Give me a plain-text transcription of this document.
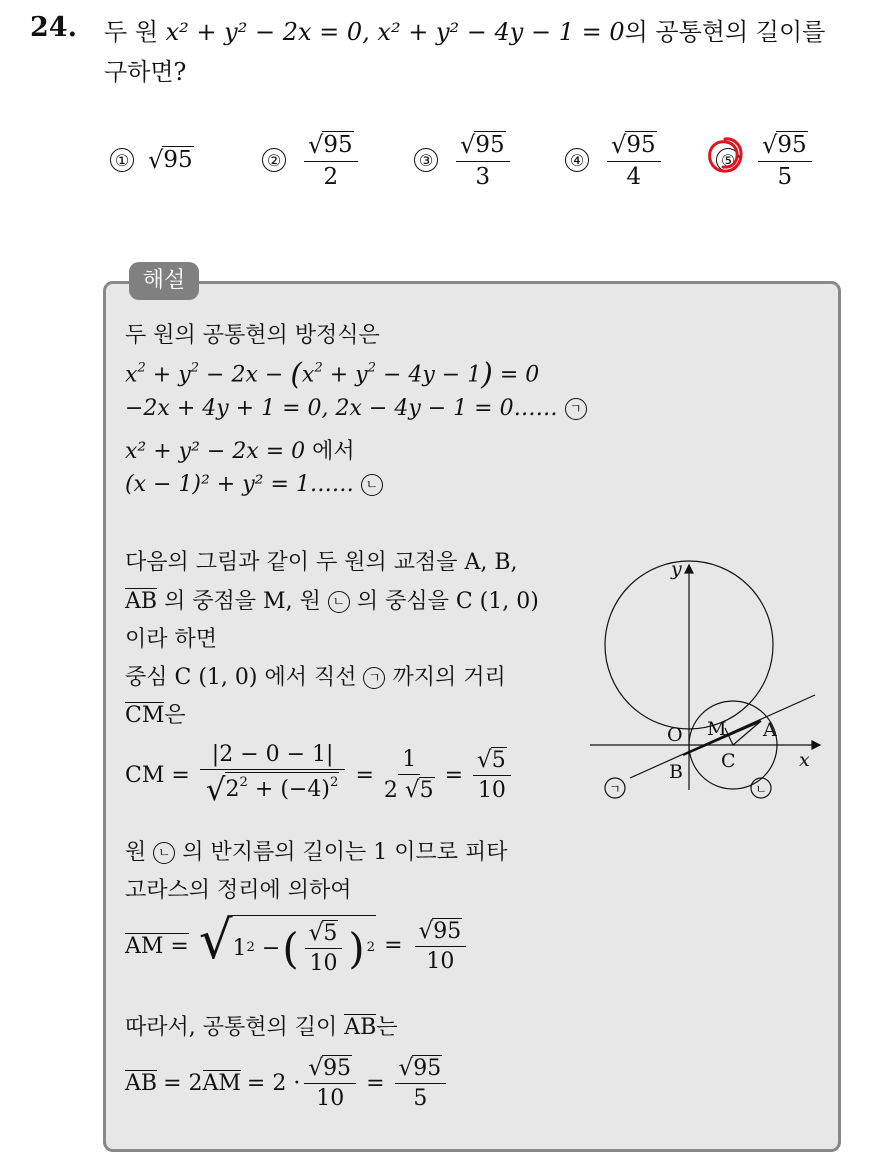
24. 두 원 x² + y² − 2x = 0, x² + y² − 4y − 1 = 0의 공통현의 길이를
구하면?
① √ 95	② $\frac{√ 95}{2}$	③ $\frac{√ 95}{3}$	④ $\frac{√ 95}{4}$	⑤ $\frac{√ 95}{5}$
해설
두 원의 공통현의 방정식은
$x^2 + y^2 - 2x - (x^2 + y^2 - 4y - 1) = 0$
−2x + 4y + 1 = 0, 2x − 4y − 1 = 0…… ㄱ
x² + y² − 2x = 0 에서
(x − 1)² + y² = 1…… ㄴ
다음의 그림과 같이 두 원의 교점을 A, B,
AB 의 중점을 M, 원 ㄴ 의 중심을 C (1, 0)
이라 하면
중심 C (1, 0) 에서 직선 ㄱ 까지의 거리
CM은
CM = $\frac{|2 - 0 - 1|}{√ 2^2 + (-4)^2} = \frac{1}{2 √ 5} = \frac{√ 5}{10}$
원 ㄴ 의 반지름의 길이는 1 이므로 피타
고라스의 정리에 의하여
AM = √ 1 2 − ( $\frac{√ 5}{10}$ ) $2 = \frac{√ 95}{10}$
따라서, 공통현의 길이 AB는
AB = 2 AM = $2 \cdot \frac{√ 95}{10} = \frac{√ 95}{5}$
y
x
O M A
B C
ㄱ	ㄴ
